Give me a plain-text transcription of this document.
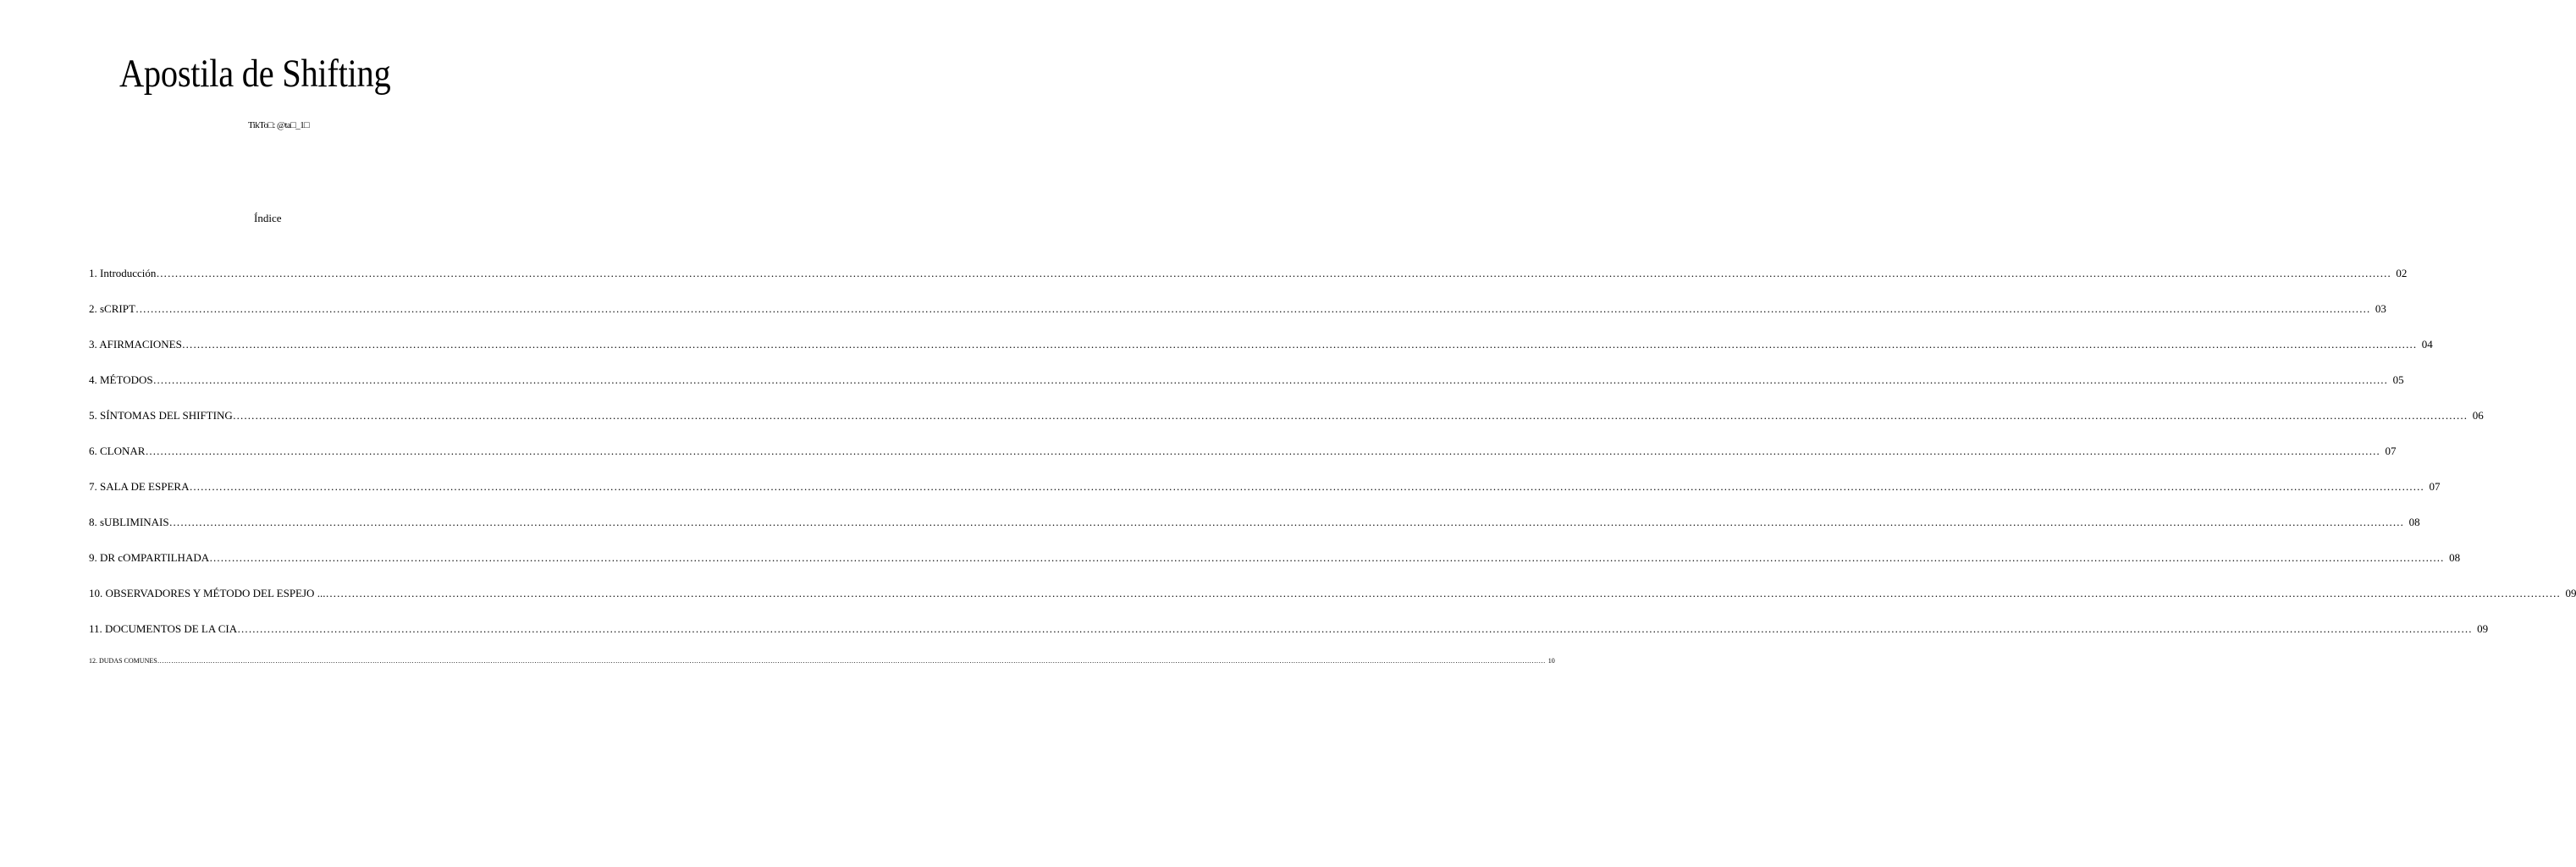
Apostila de Shifting
TikTo□: @ta□_1□
Índice
1. Introducción …………………………………………………………………………………………………………………………………………………………………………………………………………………………………………………………………………………………………………………………………………………………………………………………………………………………………………………………………………………………………………………………………………………… 02
2. sCRIPT …………………………………………………………………………………………………………………………………………………………………………………………………………………………………………………………………………………………………………………………………………………………………………………………………………………………………………………………………………………………………………………………………………………… 03
3. AFIRMACIONES …………………………………………………………………………………………………………………………………………………………………………………………………………………………………………………………………………………………………………………………………………………………………………………………………………………………………………………………………………………………………………………………………………………… 04
4. MÉTODOS …………………………………………………………………………………………………………………………………………………………………………………………………………………………………………………………………………………………………………………………………………………………………………………………………………………………………………………………………………………………………………………………………………………… 05
5. SÍNTOMAS DEL SHIFTING …………………………………………………………………………………………………………………………………………………………………………………………………………………………………………………………………………………………………………………………………………………………………………………………………………………………………………………………………………………………………………………………………………………… 06
6. CLONAR …………………………………………………………………………………………………………………………………………………………………………………………………………………………………………………………………………………………………………………………………………………………………………………………………………………………………………………………………………………………………………………………………………………… 07
7. SALA DE ESPERA …………………………………………………………………………………………………………………………………………………………………………………………………………………………………………………………………………………………………………………………………………………………………………………………………………………………………………………………………………………………………………………………………………………… 07
8. sUBLIMINAIS …………………………………………………………………………………………………………………………………………………………………………………………………………………………………………………………………………………………………………………………………………………………………………………………………………………………………………………………………………………………………………………………………………………… 08
9. DR cOMPARTILHADA …………………………………………………………………………………………………………………………………………………………………………………………………………………………………………………………………………………………………………………………………………………………………………………………………………………………………………………………………………………………………………………………………………………… 08
10. OBSERVADORES Y MÉTODO DEL ESPEJO ... …………………………………………………………………………………………………………………………………………………………………………………………………………………………………………………………………………………………………………………………………………………………………………………………………………………………………………………………………………………………………………………………………………………… 09
11. DOCUMENTOS DE LA CIA …………………………………………………………………………………………………………………………………………………………………………………………………………………………………………………………………………………………………………………………………………………………………………………………………………………………………………………………………………………………………………………………………………………… 09
12. DUDAS COMUNES …………………………………………………………………………………………………………………………………………………………………………………………………………………………………………………………………………………………………………………………………………………………………………………………………………………………………………………………………………………………………………………………………………………… 10
